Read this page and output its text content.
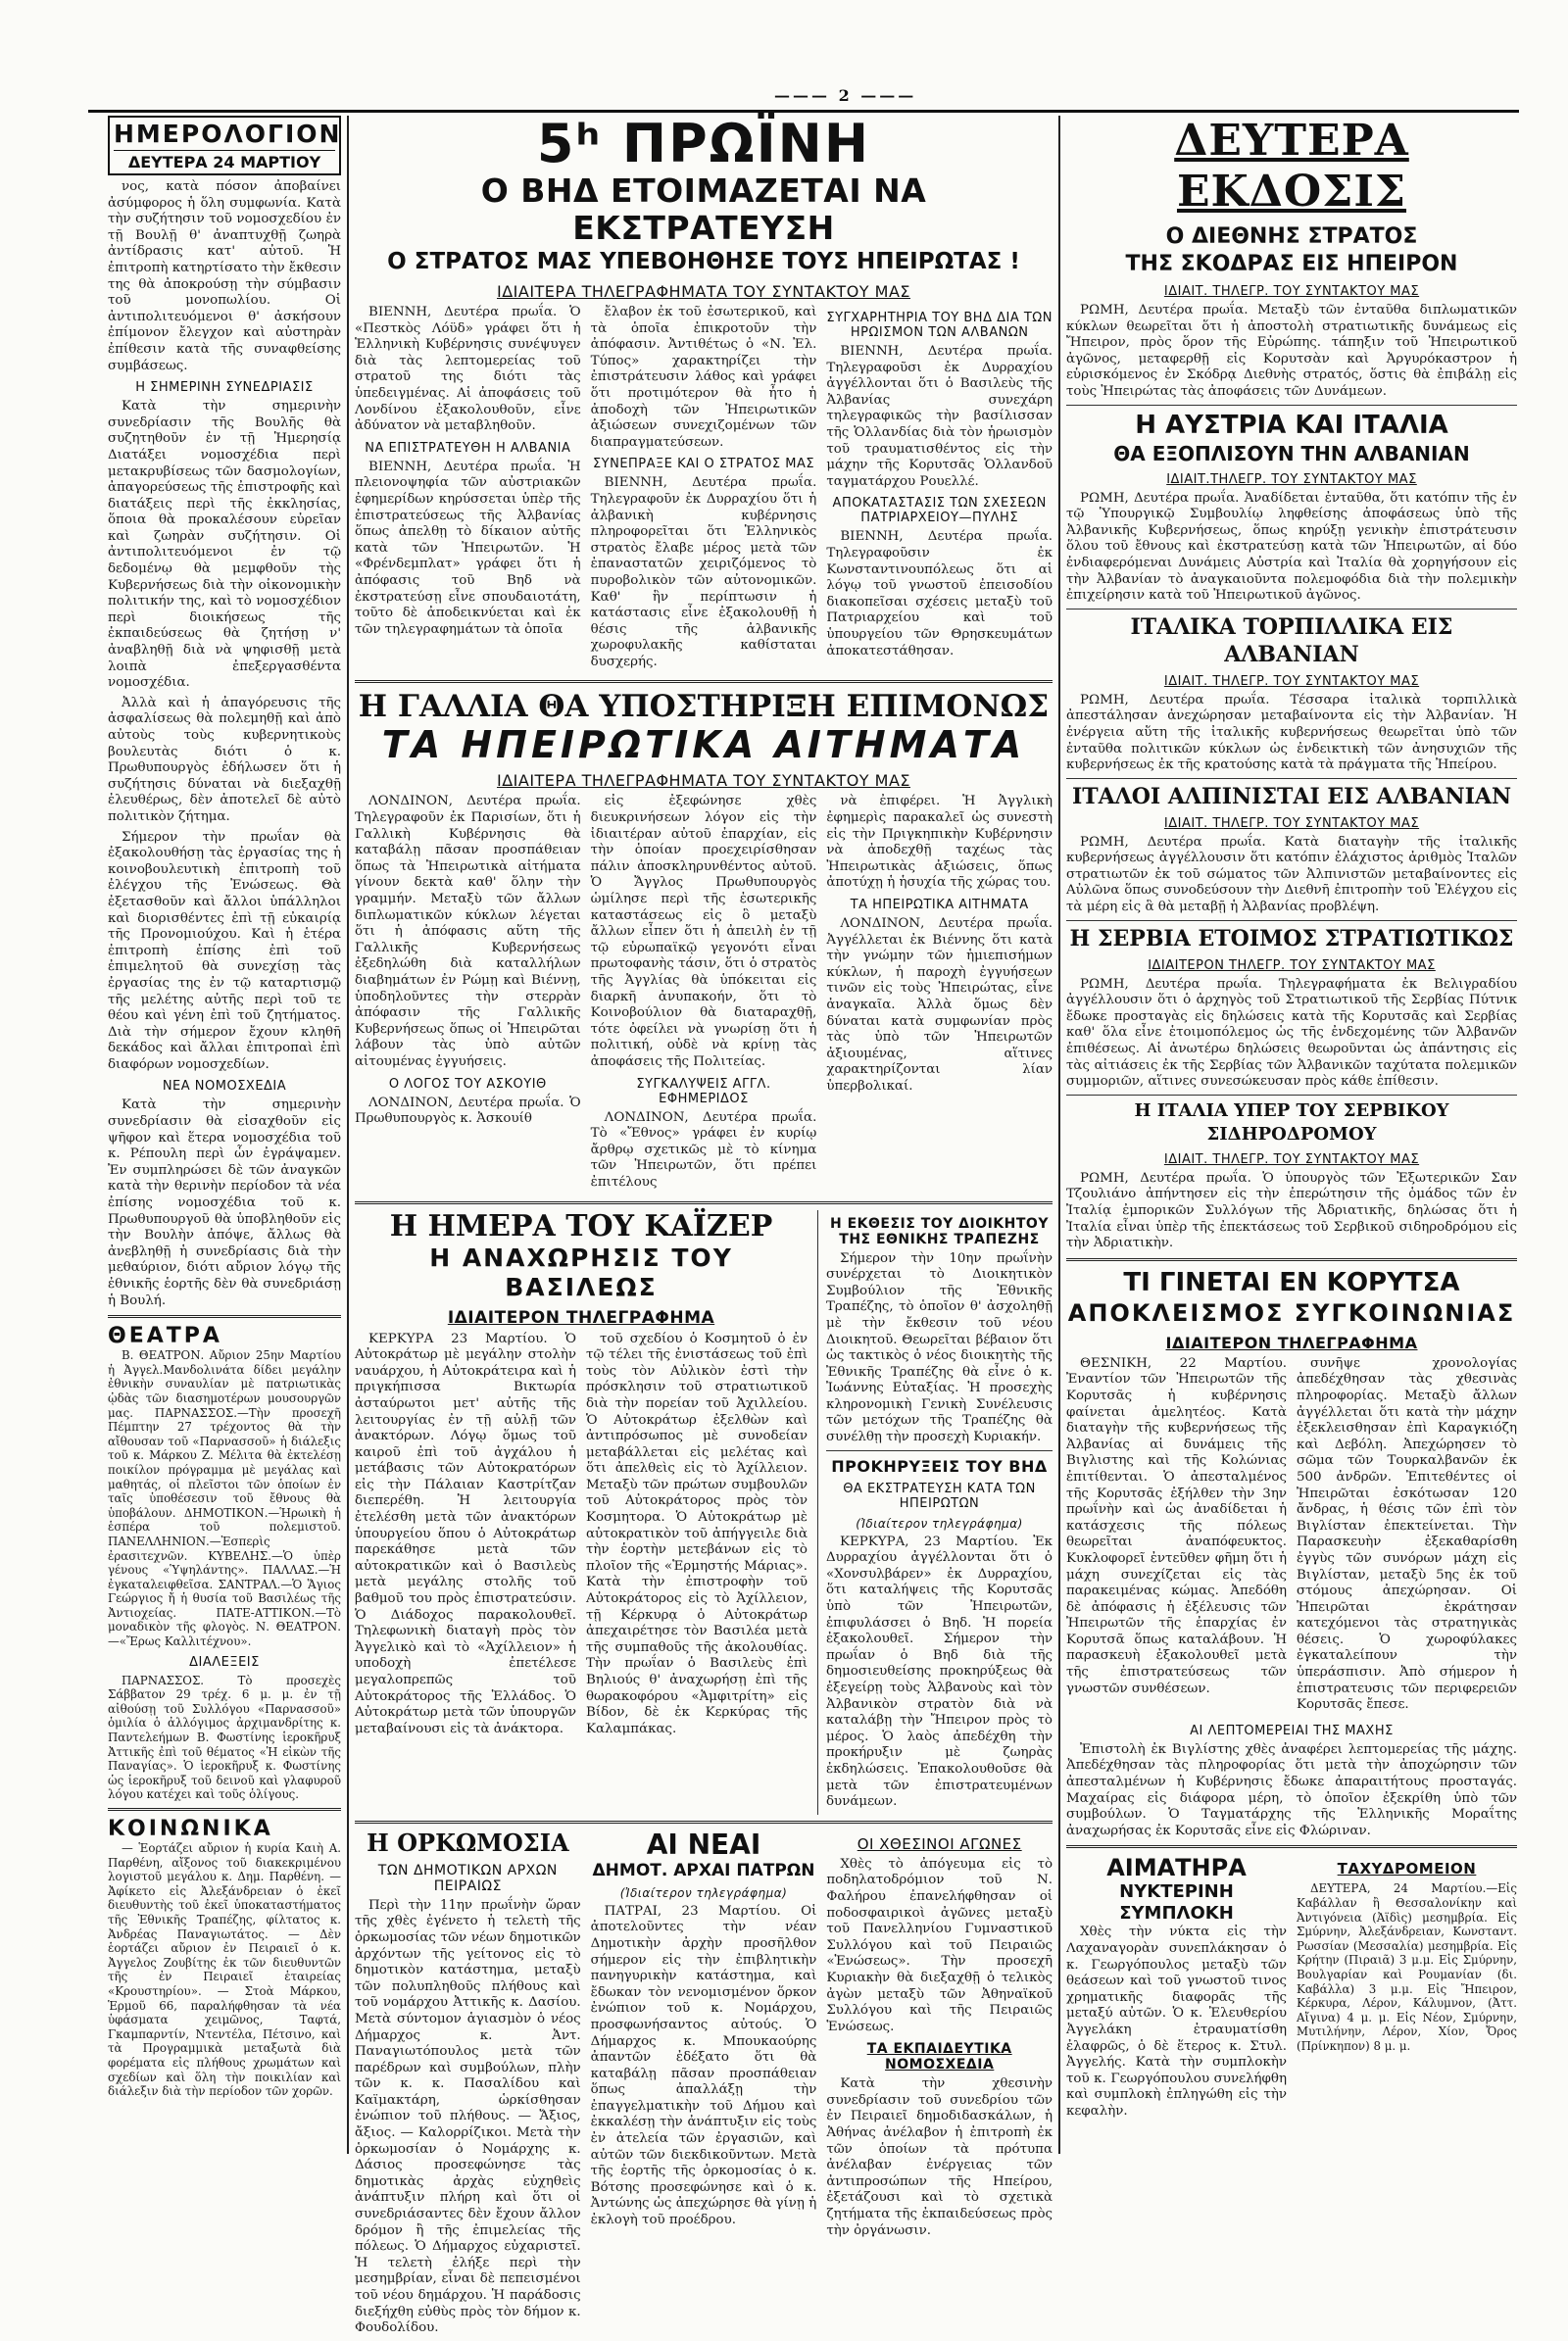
——— 2 ———
ΗΜΕΡΟΛΟΓΙΟΝ
ΔΕΥΤΕΡΑ 24 ΜΑΡΤΙΟΥ

νος, κατὰ πόσον ἀποβαίνει ἀσύμφορος ἡ ὅλη συμφωνία. Κατὰ τὴν συζήτησιν τοῦ νομοσχεδίου ἐν τῇ Βουλῇ θ' ἀναπτυχθῇ ζωηρὰ ἀντίδρασις κατ' αὐτοῦ. Ἡ ἐπιτροπὴ κατηρτίσατο τὴν ἔκθεσιν της θὰ ἀποκρούσῃ τὴν σύμβασιν τοῦ μονοπωλίου. Οἱ ἀντιπολιτευόμενοι θ' ἀσκήσουν ἐπίμονον ἔλεγχον καὶ αὐστηρὰν ἐπίθεσιν κατὰ τῆς συναφθείσης συμβάσεως.

Η ΣΗΜΕΡΙΝΗ ΣΥΝΕΔΡΙΑΣΙΣ

Κατὰ τὴν σημερινὴν συνεδρίασιν τῆς Βουλῆς θὰ συζητηθοῦν ἐν τῇ Ἡμερησίᾳ Διατάξει νομοσχέδια περὶ μετακρυβίσεως τῶν δασμολογίων, ἀπαγορεύσεως τῆς ἐπιστροφῆς καὶ διατάξεις περὶ τῆς ἐκκλησίας, ὅποια θὰ προκαλέσουν εὐρεῖαν καὶ ζωηρὰν συζήτησιν. Οἱ ἀντιπολιτευόμενοι ἐν τῷ δεδομένῳ θὰ μεμφθοῦν τὴς Κυβερνήσεως διὰ τὴν οἰκονομικὴν πολιτικήν της, καὶ τὸ νομοσχέδιον περὶ διοικήσεως τῆς ἐκπαιδεύσεως θὰ ζητήσῃ ν' ἀναβληθῇ διὰ νὰ ψηφισθῇ μετὰ λοιπὰ ἐπεξεργασθέντα νομοσχέδια.

Ἀλλὰ καὶ ἡ ἀπαγόρευσις τῆς ἀσφαλίσεως θὰ πολεμηθῇ καὶ ἀπὸ αὐτοὺς τοὺς κυβερνητικοὺς βουλευτὰς διότι ὁ κ. Πρωθυπουργὸς ἐδήλωσεν ὅτι ἡ συζήτησις δύναται νὰ διεξαχθῇ ἐλευθέρως, δὲν ἀποτελεῖ δὲ αὐτὸ πολιτικὸν ζήτημα.

Σήμερον τὴν πρωΐαν θὰ ἐξακολουθήσῃ τὰς ἐργασίας της ἡ κοινοβουλευτικὴ ἐπιτροπὴ τοῦ ἐλέγχου τῆς Ἐνώσεως. Θὰ ἐξετασθοῦν καὶ ἄλλοι ὑπάλληλοι καὶ διορισθέντες ἐπὶ τῇ εὐκαιρίᾳ τῆς Προνομιούχου. Καὶ ἡ ἑτέρα ἐπιτροπὴ ἐπίσης ἐπὶ τοῦ ἐπιμελητοῦ θὰ συνεχίσῃ τὰς ἐργασίας της ἐν τῷ καταρτισμῷ τῆς μελέτης αὐτῆς περὶ τοῦ τε θέου καὶ γένη ἐπὶ τοῦ ζητήματος. Διὰ τὴν σήμερον ἔχουν κληθῆ δεκάδος καὶ ἄλλαι ἐπιτροπαὶ ἐπὶ διαφόρων νομοσχεδίων.

ΝΕΑ ΝΟΜΟΣΧΕΔΙΑ

Κατὰ τὴν σημερινὴν συνεδρίασιν θὰ εἰσαχθοῦν εἰς ψῆφον καὶ ἕτερα νομοσχέδια τοῦ κ. Ρέπουλη περὶ ὧν ἐγράψαμεν. Ἐν συμπληρώσει δὲ τῶν ἀναγκῶν κατὰ τὴν θερινὴν περίοδον τὰ νέα ἐπίσης νομοσχέδια τοῦ κ. Πρωθυπουργοῦ θὰ ὑποβληθοῦν εἰς τὴν Βουλὴν ἀπόψε, ἄλλως θὰ ἀνεβληθῇ ἡ συνεδρίασις διὰ τὴν μεθαύριον, διότι αὔριον λόγῳ τῆς ἐθνικῆς ἑορτῆς δὲν θὰ συνεδριάσῃ ἡ Βουλή.

ΘΕΑΤΡΑ

Β. ΘΕΑΤΡΟΝ. Αὔριον 25ην Μαρτίου ἡ Ἀγγελ.Μανδολινάτα δίδει μεγάλην ἐθνικὴν συναυλίαν μὲ πατριωτικὰς ᾠδὰς τῶν διασημοτέρων μουσουργῶν μας. ΠΑΡΝΑΣΣΟΣ.—Τὴν προσεχῆ Πέμπτην 27 τρέχοντος θὰ τὴν αἴθουσαν τοῦ «Παρνασσοῦ» ἡ διάλεξις τοῦ κ. Μάρκου Ζ. Μέλιτα θὰ ἐκτελέσῃ ποικίλον πρόγραμμα μὲ μεγάλας καὶ μαθητάς, οἱ πλεῖστοι τῶν ὁποίων ἐν ταῖς ὑποθέσεσιν τοῦ ἔθνους θὰ ὑποβάλουν. ΔΗΜΟΤΙΚΟΝ.—Ἡρωικὴ ἡ ἑσπέρα τοῦ πολεμιστοῦ. ΠΑΝΕΛΛΗΝΙΟΝ.—Ἑσπερὶς ἐρασιτεχνῶν. ΚΥΒΕΛΗΣ.—Ὁ ὑπὲρ γένους «Ὑψηλάντης». ΠΑΛΛΑΣ.—Ἡ ἐγκαταλειφθεῖσα. ΣΑΝΤΡΑΛ.—Ὁ Ἅγιος Γεώργιος ἤ ἡ θυσία τοῦ Βασιλέως τῆς Ἀντιοχείας. ΠΑΤΕ-ΑΤΤΙΚΟΝ.—Τὸ μοναδικὸν τῆς φλογὸς. Ν. ΘΕΑΤΡΟΝ.—«Ἔρως Καλλιτέχνου».

ΔΙΑΛΕΞΕΙΣ

ΠΑΡΝΑΣΣΟΣ. Τὸ προσεχὲς Σάββατον 29 τρέχ. 6 μ. μ. ἐν τῇ αἰθούσῃ τοῦ Συλλόγου «Παρνασσοῦ» ὁμιλία ὁ ἀλλόγιμος ἀρχιμανδρίτης κ. Παντελεήμων Β. Φωστίνης ἱεροκῆρυξ Ἀττικῆς ἐπὶ τοῦ θέματος «Ἡ εἰκὼν τῆς Παναγίας». Ὁ ἱεροκῆρυξ κ. Φωστίνης ὡς ἱεροκῆρυξ τοῦ δεινοῦ καὶ γλαφυροῦ λόγου κατέχει καὶ τοῦς ὁλίγους.

ΚΟΙΝΩΝΙΚΑ

— Ἑορτάζει αὔριον ἡ κυρία Καιὴ Α. Παρθένη, αἴξονος τοῦ διακεκριμένου λογιστοῦ μεγάλου κ. Δημ. Παρθένη. — Ἀφίκετο εἰς Ἀλεξάνδρειαν ὁ ἐκεῖ διευθυντὴς τοῦ ἐκεῖ ὑποκαταστήματος τῆς Ἐθνικῆς Τραπέζης, φίλτατος κ. Ἀνδρέας Παναγιωτάτος. — Δὲν ἑορτάζει αὔριον ἐν Πειραιεῖ ὁ κ. Ἀγγελος Ζουβίτης ἐκ τῶν διευθυντῶν τῆς ἐν Πειραιεῖ ἑταιρείας «Κρουστηρίου». — Στοὰ Μάρκου, Ἑρμοῦ 66, παραλήφθησαν τὰ νέα ὑφάσματα χειμῶνος, Ταφτά, Γκαμπαρντίν, Ντεντέλα, Πέτσινο, καὶ τὰ Προγραμμικὰ μεταξωτὰ διὰ φορέματα εἰς πλήθους χρωμάτων καὶ σχεδίων καὶ ὅλη τὴν ποικιλίαν καὶ διάλεξιν διὰ τὴν περίοδον τῶν χορῶν.

5ʰ ΠΡΩΪΝΗ
Ο ΒΗΔ ΕΤΟΙΜΑΖΕΤΑΙ ΝΑ ΕΚΣΤΡΑΤΕΥΣΗ
Ο ΣΤΡΑΤΟΣ ΜΑΣ ΥΠΕΒΟΗΘΗΣΕ ΤΟΥΣ ΗΠΕΙΡΩΤΑΣ !
ΙΔΙΑΙΤΕΡΑ ΤΗΛΕΓΡΑΦΗΜΑΤΑ ΤΟΥ ΣΥΝΤΑΚΤΟΥ ΜΑΣ

ΒΙΕΝΝΗ, Δευτέρα πρωΐα. Ὁ «Πεστκὸς Λόϋδ» γράφει ὅτι ἡ Ἑλληνικὴ Κυβέρνησις συνέψυγεν διὰ τὰς λεπτομερείας τοῦ στρατοῦ της διότι τὰς ὑπεδειγμένας. Αἱ ἀποφάσεις τοῦ Λονδίνου ἐξακολουθοῦν, εἶνε ἀδύνατον νὰ μεταβληθοῦν.

ΝΑ ΕΠΙΣΤΡΑΤΕΥΘΗ Η ΑΛΒΑΝΙΑ

ΒΙΕΝΝΗ, Δευτέρα πρωΐα. Ἡ πλειονοψηφία τῶν αὐστριακῶν ἐφημερίδων κηρύσσεται ὑπὲρ τῆς ἐπιστρατεύσεως τῆς Ἀλβανίας ὅπως ἀπελθῃ τὸ δίκαιον αὐτῆς κατὰ τῶν Ἠπειρωτῶν. Ἡ «Φρένδεμπλατ» γράφει ὅτι ἡ ἀπόφασις τοῦ Βηδ νὰ ἐκστρατεύσῃ εἶνε σπουδαιοτάτη, τοῦτο δὲ ἀποδεικνύεται καὶ ἐκ τῶν τηλεγραφημάτων τὰ ὁποῖα

ἔλαβον ἐκ τοῦ ἐσωτερικοῦ, καὶ τὰ ὁποῖα ἐπικροτοῦν τὴν ἀπόφασιν. Ἀντιθέτως ὁ «Ν. Ἐλ. Τύπος» χαρακτηρίζει τὴν ἐπιστράτευσιν λάθος καὶ γράφει ὅτι προτιμότερον θὰ ἦτο ἡ ἀποδοχὴ τῶν Ἠπειρωτικῶν ἀξιώσεων συνεχιζομένων τῶν διαπραγματεύσεων.

ΣΥΝΕΠΡΑΞΕ ΚΑΙ Ο ΣΤΡΑΤΟΣ ΜΑΣ

ΒΙΕΝΝΗ, Δευτέρα πρωΐα. Τηλεγραφοῦν ἐκ Δυρραχίου ὅτι ἡ ἀλβανικὴ κυβέρνησις πληροφορεῖται ὅτι Ἑλληνικὸς στρατὸς ἔλαβε μέρος μετὰ τῶν ἐπαναστατῶν χειριζόμενος τὸ πυροβολικὸν τῶν αὐτονομικῶν. Καθ' ἣν περίπτωσιν ἡ κατάστασις εἶνε ἐξακολουθῇ ἡ θέσις τῆς ἀλβανικῆς χωροφυλακῆς καθίσταται δυσχερής.

ΣΥΓΧΑΡΗΤΗΡΙΑ ΤΟΥ ΒΗΔ ΔΙΑ ΤΩΝ ΗΡΩΙΣΜΟΝ ΤΩΝ ΑΛΒΑΝΩΝ

ΒΙΕΝΝΗ, Δευτέρα πρωΐα. Τηλεγραφοῦσι ἐκ Δυρραχίου ἀγγέλλονται ὅτι ὁ Βασιλεὺς τῆς Ἀλβανίας συνεχάρη τηλεγραφικῶς τὴν βασίλισσαν τῆς Ὁλλανδίας διὰ τὸν ἡρωισμὸν τοῦ τραυματισθέντος εἰς τὴν μάχην τῆς Κορυτσᾶς Ὁλλανδοῦ ταγματάρχου Ρουελλέ.

ΑΠΟΚΑΤΑΣΤΑΣΙΣ ΤΩΝ ΣΧΕΣΕΩΝ ΠΑΤΡΙΑΡΧΕΙΟΥ—ΠΥΛΗΣ

ΒΙΕΝΝΗ, Δευτέρα πρωΐα. Τηλεγραφοῦσιν ἐκ Κωνσταντινουπόλεως ὅτι αἱ λόγῳ τοῦ γνωστοῦ ἐπεισοδίου διακοπεῖσαι σχέσεις μεταξὺ τοῦ Πατριαρχείου καὶ τοῦ ὑπουργείου τῶν Θρησκευμάτων ἀποκατεστάθησαν.

Η ΓΑΛΛΙΑ ΘΑ ΥΠΟΣΤΗΡΙΞΗ ΕΠΙΜΟΝΩΣ
ΤΑ ΗΠΕΙΡΩΤΙΚΑ ΑΙΤΗΜΑΤΑ
ΙΔΙΑΙΤΕΡΑ ΤΗΛΕΓΡΑΦΗΜΑΤΑ ΤΟΥ ΣΥΝΤΑΚΤΟΥ ΜΑΣ

ΛΟΝΔΙΝΟΝ, Δευτέρα πρωΐα. Τηλεγραφοῦν ἐκ Παρισίων, ὅτι ἡ Γαλλικὴ Κυβέρνησις θὰ καταβάλῃ πᾶσαν προσπάθειαν ὅπως τὰ Ἠπειρωτικὰ αἰτήματα γίνουν δεκτὰ καθ' ὅλην τὴν γραμμήν. Μεταξὺ τῶν ἄλλων διπλωματικῶν κύκλων λέγεται ὅτι ἡ ἀπόφασις αὕτη τῆς Γαλλικῆς Κυβερνήσεως ἐξεδηλώθη διὰ καταλλήλων διαβημάτων ἐν Ρώμῃ καὶ Βιέννῃ, ὑποδηλοῦντες τὴν στερρὰν ἀπόφασιν τῆς Γαλλικῆς Κυβερνήσεως ὅπως οἱ Ἠπειρῶται λάβουν τὰς ὑπὸ αὐτῶν αἰτουμένας ἐγγυήσεις.

Ο ΛΟΓΟΣ ΤΟΥ ΑΣΚΟΥΙΘ

ΛΟΝΔΙΝΟΝ, Δευτέρα πρωΐα. Ὁ Πρωθυπουργὸς κ. Ἀσκουίθ

εἰς ἐξεφώνησε χθὲς διευκρινήσεων λόγον εἰς τὴν ἰδιαιτέραν αὐτοῦ ἐπαρχίαν, εἰς τὴν ὁποίαν προεχειρίσθησαν πάλιν ἀποσκληρυνθέντος αὐτοῦ. Ὁ Ἄγγλος Πρωθυπουργὸς ὡμίλησε περὶ τῆς ἐσωτερικῆς καταστάσεως εἰς ὃ μεταξὺ ἄλλων εἶπεν ὅτι ἡ ἀπειλὴ ἐν τῇ τῷ εὐρωπαϊκῷ γεγονότι εἶναι πρωτοφανὴς τάσιν, ὅτι ὁ στρατὸς τῆς Ἀγγλίας θὰ ὑπόκειται εἰς διαρκῆ ἀνυπακοήν, ὅτι τὸ Κοινοβούλιον θὰ διαταραχθῇ, τότε ὀφείλει νὰ γνωρίσῃ ὅτι ἡ πολιτική, οὐδὲ νὰ κρίνῃ τὰς ἀποφάσεις τῆς Πολιτείας.

ΣΥΓΚΑΛΥΨΕΙΣ ΑΓΓΛ. ΕΦΗΜΕΡΙΔΟΣ

ΛΟΝΔΙΝΟΝ, Δευτέρα πρωΐα. Τὸ «Ἔθνος» γράφει ἐν κυρίῳ ἄρθρῳ σχετικῶς μὲ τὸ κίνημα τῶν Ἠπειρωτῶν, ὅτι πρέπει ἐπιτέλους

νὰ ἐπιφέρει. Ἡ Ἀγγλικὴ ἐφημερὶς παρακαλεῖ ὡς συνεστὴ εἰς τὴν Πριγκηπικὴν Κυβέρνησιν νὰ ἀποδεχθῇ ταχέως τὰς Ἠπειρωτικὰς ἀξιώσεις, ὅπως ἀποτύχῃ ἡ ἡσυχία τῆς χώρας του.

ΤΑ ΗΠΕΙΡΩΤΙΚΑ ΑΙΤΗΜΑΤΑ

ΛΟΝΔΙΝΟΝ, Δευτέρα πρωΐα. Ἀγγέλλεται ἐκ Βιέννης ὅτι κατὰ τὴν γνώμην τῶν ἡμιεπισήμων κύκλων, ἡ παροχὴ ἐγγυήσεων τινῶν εἰς τοὺς Ἠπειρώτας, εἶνε ἀναγκαῖα. Ἀλλὰ ὅμως δὲν δύναται κατὰ συμφωνίαν πρὸς τὰς ὑπὸ τῶν Ἠπειρωτῶν ἀξιουμένας, αἵτινες χαρακτηρίζονται λίαν ὑπερβολικαί.

Η ΗΜΕΡΑ ΤΟΥ ΚΑΪΖΕΡ
Η ΑΝΑΧΩΡΗΣΙΣ ΤΟΥ ΒΑΣΙΛΕΩΣ
ΙΔΙΑΙΤΕΡΟΝ ΤΗΛΕΓΡΑΦΗΜΑ

ΚΕΡΚΥΡΑ 23 Μαρτίου. Ὁ Αὐτοκράτωρ μὲ μεγάλην στολὴν ναυάρχου, ἡ Αὐτοκράτειρα καὶ ἡ πριγκήπισσα Βικτωρία ἀσταύρωτοι μετ' αὐτῆς τῆς λειτουργίας ἐν τῇ αὐλῇ τῶν ἀνακτόρων. Λόγῳ ὅμως τοῦ καιροῦ ἐπὶ τοῦ ἀγχάλου ἡ μετάβασις τῶν Αὐτοκρατόρων εἰς τὴν Πάλαιαν Καστρίτζαν διεπερέθη. Ἡ λειτουργία ἐτελέσθη μετὰ τῶν ἀνακτόρων ὑπουργείου ὅπου ὁ Αὐτοκράτωρ παρεκάθησε μετὰ τῶν αὐτοκρατικῶν καὶ ὁ Βασιλεὺς μετὰ μεγάλης στολῆς τοῦ βαθμοῦ του πρὸς ἐπιστρατεύσιν. Ὁ Διάδοχος παρακολουθεῖ. Τηλεφωνικὴ διαταγὴ πρὸς τὸν Ἀγγελικὸ καὶ τὸ «Ἀχίλλειον» ἡ υποδοχὴ ἐπετέλεσε μεγαλοπρεπῶς τοῦ Αὐτοκράτορος τῆς Ἑλλάδος. Ὁ Αὐτοκράτωρ μετὰ τῶν ὑπουργῶν μεταβαίνουσι εἰς τὰ ἀνάκτορα.

τοῦ σχεδίου ὁ Κοσμητοῦ ὁ ἐν τῷ τέλει τῆς ἐνιστάσεως τοῦ ἐπὶ τοὺς τὸν Αὐλικὸν ἐστὶ τὴν πρόσκλησιν τοῦ στρατιωτικοῦ διὰ τὴν πορείαν τοῦ Ἀχιλλείου. Ὁ Αὐτοκράτωρ ἐξελθὼν καὶ ἀντιπρόσωπος μὲ συνοδείαν μεταβάλλεται εἰς μελέτας καὶ ὅτι ἀπελθεὶς εἰς τὸ Ἀχίλλειον. Μεταξὺ τῶν πρώτων συμβουλῶν τοῦ Αὐτοκράτορος πρὸς τὸν Κοσμητορα. Ὁ Αὐτοκράτωρ μὲ αὐτοκρατικὸν τοῦ ἀπήγγειλε διὰ τὴν ἑορτὴν μετεβάνων εἰς τὸ πλοῖον τῆς «Ἑρμηστής Μάριας». Κατὰ τὴν ἐπιστροφὴν τοῦ Αὐτοκράτορος εἰς τὸ Ἀχίλλειον, τῇ Κέρκυρᾳ ὁ Αὐτοκράτωρ ἀπεχαιρέτησε τὸν Βασιλέα μετὰ τῆς συμπαθοῦς τῆς ἀκολουθίας. Τὴν πρωΐαν ὁ Βασιλεὺς ἐπὶ Βηλιούς θ' ἀναχωρήσῃ ἐπὶ τῆς θωρακοφόρου «Ἀμφιτρίτη» εἰς Βίδον, δὲ ἐκ Κερκύρας τῆς Καλαμπάκας.

Η ΕΚΘΕΣΙΣ ΤΟΥ ΔΙΟΙΚΗΤΟΥ ΤΗΣ ΕΘΝΙΚΗΣ ΤΡΑΠΕΖΗΣ

Σήμερον τὴν 10ην πρωΐνὴν συνέρχεται τὸ Διοικητικὸν Συμβούλιον τῆς Ἐθνικῆς Τραπέζης, τὸ ὁποῖον θ' ἀσχοληθῇ μὲ τὴν ἔκθεσιν τοῦ νέου Διοικητοῦ. Θεωρεῖται βέβαιον ὅτι ὡς τακτικὸς ὁ νέος διοικητὴς τῆς Ἐθνικῆς Τραπέζης θὰ εἶνε ὁ κ. Ἰωάννης Εὐταξίας. Ἡ προσεχὴς κληρονομικὴ Γενικὴ Συνέλευσις τῶν μετόχων τῆς Τραπέζης θὰ συνέλθῃ τὴν προσεχὴ Κυριακήν.

ΠΡΟΚΗΡΥΞΕΙΣ ΤΟΥ ΒΗΔ
ΘΑ ΕΚΣΤΡΑΤΕΥΣΗ ΚΑΤΑ ΤΩΝ ΗΠΕΙΡΩΤΩΝ
(Ἰδιαίτερον τηλεγράφημα)

ΚΕΡΚΥΡΑ, 23 Μαρτίου. Ἐκ Δυρραχίου ἀγγέλλονται ὅτι ὁ «Χονσυλβάρεν» ἐκ Δυρραχίου, ὅτι καταλήψεις τῆς Κορυτσᾶς ὑπὸ τῶν Ἠπειρωτῶν, ἐπιφυλάσσει ὁ Βηδ. Ἡ πορεία ἐξακολουθεῖ. Σήμερον τὴν πρωΐαν ὁ Βηδ διὰ τῆς δημοσιευθείσης προκηρύξεως θὰ ἐξεγείρῃ τοὺς Ἀλβανοὺς καὶ τὸν Ἀλβανικὸν στρατὸν διὰ νὰ καταλάβῃ τὴν Ἤπειρον πρὸς τὸ μέρος. Ὁ λαὸς ἀπεδέχθη τὴν προκήρυξιν μὲ ζωηρὰς ἐκδηλώσεις. Ἐπακολουθοῦσε θὰ μετὰ τῶν ἐπιστρατευμένων δυνάμεων.

Η ΟΡΚΩΜΟΣΙΑ
ΤΩΝ ΔΗΜΟΤΙΚΩΝ ΑΡΧΩΝ ΠΕΙΡΑΙΩΣ

Περὶ τὴν 11ην πρωΐνὴν ὥραν τῆς χθὲς ἐγένετο ἡ τελετὴ τῆς ὁρκωμοσίας τῶν νέων δημοτικῶν ἀρχόντων τῆς γείτονος εἰς τὸ δημοτικὸν κατάστημα, μεταξὺ τῶν πολυπληθοῦς πλήθους καὶ τοῦ νομάρχου Ἀττικῆς κ. Δασίου. Μετὰ σύντομον ἁγιασμὸν ὁ νέος Δήμαρχος κ. Ἀντ. Παναγιωτόπουλος μετὰ τῶν παρέδρων καὶ συμβούλων, πλὴν τῶν κ. κ. Πασαλίδου καὶ Καϊμακτάρη, ὡρκίσθησαν ἐνώπιον τοῦ πλήθους. — Ἄξιος, ἄξιος. — Καλορρίζικοι. Μετὰ τὴν ὁρκωμοσίαν ὁ Νομάρχης κ. Δάσιος προσεφώνησε τὰς δημοτικὰς ἀρχὰς εὐχηθεὶς ἀνάπτυξιν πλήρη καὶ ὅτι οἱ συνεδριάσαντες δὲν ἔχουν ἄλλον δρόμον ἢ τῆς ἐπιμελείας τῆς πόλεως. Ὁ Δήμαρχος εὐχαριστεῖ. Ἡ τελετὴ ἐλήξε περὶ τὴν μεσημβρίαν, εἶναι δὲ πεπεισμένοι τοῦ νέου δημάρχου. Ἡ παράδοσις διεξήχθη εὐθὺς πρὸς τὸν δήμον κ. Φουδολίδου.

ΑΙ ΝΕΑΙ
ΔΗΜΟΤ. ΑΡΧΑΙ ΠΑΤΡΩΝ
(Ἰδιαίτερον τηλεγράφημα)

ΠΑΤΡΑΙ, 23 Μαρτίου. Οἱ ἀποτελοῦντες τὴν νέαν Δημοτικὴν ἀρχὴν προσῆλθον σήμερον εἰς τὴν ἐπιβλητικὴν πανηγυρικὴν κατάστημα, καὶ ἔδωκαν τὸν νενομισμένον ὅρκον ἐνώπιον τοῦ κ. Νομάρχου, προσφωνήσαντος αὐτούς. Ὁ Δήμαρχος κ. Μπουκαούρης ἀπαντῶν ἐδέξατο ὅτι θὰ καταβάλῃ πᾶσαν προσπάθειαν ὅπως ἀπαλλάξῃ τὴν ἐπαγγελματικὴν τοῦ Δήμου καὶ ἐκκαλέσῃ τὴν ἀνάπτυξιν εἰς τοὺς ἐν ἀτελεία τῶν ἐργασιῶν, καὶ αὐτῶν τῶν διεκδικοῦντων. Μετὰ τῆς ἐορτῆς τῆς ὁρκομοσίας ὁ κ. Βότσης προσεφώνησε καὶ ὁ κ. Ἀντώνης ὡς ἀπεχώρησε θὰ γίνῃ ἡ ἐκλογὴ τοῦ προέδρου.

ΟΙ ΧΘΕΣΙΝΟΙ ΑΓΩΝΕΣ

Χθὲς τὸ ἀπόγευμα εἰς τὸ ποδηλατοδρόμιον τοῦ Ν. Φαλήρου ἐπανελήφθησαν οἱ ποδοσφαιρικοὶ ἀγῶνες μεταξὺ τοῦ Πανελληνίου Γυμναστικοῦ Συλλόγου καὶ τοῦ Πειραιῶς «Ἑνώσεως». Τὴν προσεχῆ Κυριακὴν θὰ διεξαχθῇ ὁ τελικὸς ἀγὼν μεταξὺ τῶν Ἀθηναϊκοῦ Συλλόγου καὶ τῆς Πειραιῶς Ἑνώσεως.

ΤΑ ΕΚΠΑΙΔΕΥΤΙΚΑ ΝΟΜΟΣΧΕΔΙΑ

Κατὰ τὴν χθεσινὴν συνεδρίασιν τοῦ συνεδρίου τῶν ἐν Πειραιεῖ δημοδιδασκάλων, ἡ Ἀθήνας ἀνέλαβον ἡ ἐπιτροπὴ ἐκ τῶν ὁποίων τὰ πρότυπα ἀνέλαβαν ἐνέργειας τῶν ἀντιπροσώπων τῆς Ηπείρου, ἐξετάζουσι καὶ τὸ σχετικὰ ζητήματα τῆς ἐκπαιδεύσεως πρὸς τὴν ὀργάνωσιν.

ΔΕΥΤΕΡΑ ΕΚΔΟΣΙΣ
Ο ΔΙΕΘΝΗΣ ΣΤΡΑΤΟΣ
ΤΗΣ ΣΚΟΔΡΑΣ ΕΙΣ ΗΠΕΙΡΟΝ
ΙΔΙΑΙΤ. ΤΗΛΕΓΡ. ΤΟΥ ΣΥΝΤΑΚΤΟΥ ΜΑΣ

ΡΩΜΗ, Δευτέρα πρωΐα. Μεταξὺ τῶν ἐνταῦθα διπλωματικῶν κύκλων θεωρεῖται ὅτι ἡ ἀποστολὴ στρατιωτικῆς δυνάμεως εἰς Ἤπειρον, πρὸς ὅρον τῆς Εὐρώπης. τάπηξιν τοῦ Ἠπειρωτικοῦ ἀγῶνος, μεταφερθῇ εἰς Κορυτσὰν καὶ Ἀργυρόκαστρον ἡ εὑρισκόμενος ἐν Σκόδρᾳ Διεθνὴς στρατός, ὅστις θὰ ἐπιβάλῃ εἰς τοὺς Ἠπειρώτας τὰς ἀποφάσεις τῶν Δυνάμεων.

Η ΑΥΣΤΡΙΑ ΚΑΙ ΙΤΑΛΙΑ
ΘΑ ΕΞΟΠΛΙΣΟΥΝ ΤΗΝ ΑΛΒΑΝΙΑΝ
ΙΔΙΑΙΤ.ΤΗΛΕΓΡ. ΤΟΥ ΣΥΝΤΑΚΤΟΥ ΜΑΣ

ΡΩΜΗ, Δευτέρα πρωΐα. Ἀναδίδεται ἐνταῦθα, ὅτι κατόπιν τῆς ἐν τῷ Ὑπουργικῷ Συμβουλίῳ ληφθείσης ἀποφάσεως ὑπὸ τῆς Ἀλβανικῆς Κυβερνήσεως, ὅπως κηρύξῃ γενικὴν ἐπιστράτευσιν ὅλου τοῦ ἔθνους καὶ ἐκστρατεύσῃ κατὰ τῶν Ἠπειρωτῶν, αἱ δύο ἐνδιαφερόμεναι Δυνάμεις Αὐστρία καὶ Ἰταλία θὰ χορηγήσουν εἰς τὴν Ἀλβανίαν τὸ ἀναγκαιοῦντα πολεμοφόδια διὰ τὴν πολεμικὴν ἐπιχείρησιν κατὰ τοῦ Ἠπειρωτικοῦ ἀγῶνος.

ΙΤΑΛΙΚΑ ΤΟΡΠΙΛΛΙΚΑ ΕΙΣ ΑΛΒΑΝΙΑΝ
ΙΔΙΑΙΤ. ΤΗΛΕΓΡ. ΤΟΥ ΣΥΝΤΑΚΤΟΥ ΜΑΣ

ΡΩΜΗ, Δευτέρα πρωΐα. Τέσσαρα ἰταλικὰ τορπιλλικὰ ἀπεστάλησαν ἀνεχώρησαν μεταβαίνοντα εἰς τὴν Ἀλβανίαν. Ἡ ἐνέργεια αὕτη τῆς ἰταλικῆς κυβερνήσεως θεωρεῖται ὑπὸ τῶν ἐνταῦθα πολιτικῶν κύκλων ὡς ἐνδεικτικὴ τῶν ἀνησυχιῶν τῆς κυβερνήσεως ἐκ τῆς κρατούσης κατὰ τὰ πράγματα τῆς Ἠπείρου.

ΙΤΑΛΟΙ ΑΛΠΙΝΙΣΤΑΙ ΕΙΣ ΑΛΒΑΝΙΑΝ
ΙΔΙΑΙΤ. ΤΗΛΕΓΡ. ΤΟΥ ΣΥΝΤΑΚΤΟΥ ΜΑΣ

ΡΩΜΗ, Δευτέρα πρωΐα. Κατὰ διαταγὴν τῆς ἰταλικῆς κυβερνήσεως ἀγγέλλουσιν ὅτι κατόπιν ἐλάχιστος ἀριθμὸς Ἰταλῶν στρατιωτῶν ἐκ τοῦ σώματος τῶν Ἀλπινιστῶν μεταβαίνοντες εἰς Αὐλῶνα ὅπως συνοδεύσουν τὴν Διεθνῆ ἐπιτροπὴν τοῦ Ἐλέγχου εἰς τὰ μέρη εἰς ἃ θὰ μεταβῇ ἡ Ἀλβανίας προβλέψη.

Η ΣΕΡΒΙΑ ΕΤΟΙΜΟΣ ΣΤΡΑΤΙΩΤΙΚΩΣ
ΙΔΙΑΙΤΕΡΟΝ ΤΗΛΕΓΡ. ΤΟΥ ΣΥΝΤΑΚΤΟΥ ΜΑΣ

ΡΩΜΗ, Δευτέρα πρωΐα. Τηλεγραφήματα ἐκ Βελιγραδίου ἀγγέλλουσιν ὅτι ὁ ἀρχηγὸς τοῦ Στρατιωτικοῦ τῆς Σερβίας Πύτνικ ἔδωκε προσταγὰς εἰς δηλώσεις κατὰ τῆς Κορυτσᾶς καὶ Σερβίας καθ' ὅλα εἶνε ἑτοιμοπόλεμος ὡς τῆς ἐνδεχομένης τῶν Ἀλβανῶν ἐπιθέσεως. Αἱ ἀνωτέρω δηλώσεις θεωροῦνται ὡς ἀπάντησις εἰς τὰς αἰτιάσεις ἐκ τῆς Σερβίας τῶν Ἀλβανικῶν ταχύτατα πολεμικῶν συμμοριῶν, αἵτινες συνεσώκευσαν πρὸς κάθε ἐπίθεσιν.

Η ΙΤΑΛΙΑ ΥΠΕΡ ΤΟΥ ΣΕΡΒΙΚΟΥ ΣΙΔΗΡΟΔΡΟΜΟΥ
ΙΔΙΑΙΤ. ΤΗΛΕΓΡ. ΤΟΥ ΣΥΝΤΑΚΤΟΥ ΜΑΣ

ΡΩΜΗ, Δευτέρα πρωΐα. Ὁ ὑπουργὸς τῶν Ἐξωτερικῶν Σαν Τζουλιάνο ἀπήντησεν εἰς τὴν ἐπερώτησιν τῆς ὁμάδος τῶν ἐν Ἰταλίᾳ ἐμπορικῶν Συλλόγων τῆς Ἀδριατικῆς, δηλώσας ὅτι ἡ Ἰταλία εἶναι ὑπὲρ τῆς ἐπεκτάσεως τοῦ Σερβικοῦ σιδηροδρόμου εἰς τὴν Ἀδριατικὴν.

ΤΙ ΓΙΝΕΤΑΙ ΕΝ ΚΟΡΥΤΣΑ
ΑΠΟΚΛΕΙΣΜΟΣ ΣΥΓΚΟΙΝΩΝΙΑΣ
ΙΔΙΑΙΤΕΡΟΝ ΤΗΛΕΓΡΑΦΗΜΑ

ΘΕΣΝΙΚΗ, 22 Μαρτίου. Ἐναντίον τῶν Ἠπειρωτῶν τῆς Κορυτσᾶς ἡ κυβέρνησις φαίνεται ἀμελητέος. Κατὰ διαταγὴν τῆς κυβερνήσεως τῆς Ἀλβανίας αἱ δυνάμεις τῆς Βιγλιστης καὶ τῆς Κολώνιας ἐπιτίθενται. Ὁ ἀπεσταλμένος τῆς Κορυτσᾶς ἐξήλθεν τὴν 3ην πρωΐνὴν καὶ ὡς ἀναδίδεται ἡ κατάσχεσις τῆς πόλεως θεωρεῖται ἀναπόφευκτος. Κυκλοφορεῖ ἐντεῦθεν φῆμη ὅτι ἡ μάχη συνεχίζεται εἰς τὰς παρακειμένας κώμας. Ἀπεδόθη δὲ ἀπόφασις ἡ ἐξέλευσις τῶν Ἠπειρωτῶν τῆς ἐπαρχίας ἐν Κορυτσᾶ ὅπως καταλάβουν. Ἡ παρασκευὴ ἐξακολουθεῖ μετὰ τῆς ἐπιστρατεύσεως τῶν γνωστῶν συνθέσεων.

συνῆψε χρονολογίας ἀπεδέχθησαν τὰς χθεσινὰς πληροφορίας. Μεταξὺ ἄλλων ἀγγέλλεται ὅτι κατὰ τὴν μάχην ἐξεκλεισθησαν ἐπὶ Καραγκιόζη καὶ Δεβόλη. Ἀπεχώρησεν τὸ σῶμα τῶν Τουρκαλβανῶν ἐκ 500 ἀνδρῶν. Ἐπιτεθέντες οἱ Ἠπειρῶται ἐσκότωσαν 120 ἄνδρας, ἡ θέσις τῶν ἐπὶ τὸν Βιγλίσταν ἐπεκτείνεται. Τὴν Παρασκευὴν ἐξεκαθαρίσθη ἐγγὺς τῶν συνόρων μάχη εἰς Βιγλίσταν, μεταξὺ 5ης ἐκ τοῦ στόμους ἀπεχώρησαν. Οἱ Ἠπειρῶται ἐκράτησαν κατεχόμενοι τὰς στρατηγικὰς θέσεις. Ὁ χωροφύλακες ἐγκαταλείπουν τὴν ὑπεράσπισιν. Ἀπὸ σήμερον ἡ ἐπιστρατευσις τῶν περιφερειῶν Κορυτσᾶς ἔπεσε.

ΑΙ ΛΕΠΤΟΜΕΡΕΙΑΙ ΤΗΣ ΜΑΧΗΣ

Ἐπιστολὴ ἐκ Βιγλίστης χθὲς ἀναφέρει λεπτομερείας τῆς μάχης. Ἀπεδέχθησαν τὰς πληροφορίας ὅτι μετὰ τὴν ἀποχώρησιν τῶν ἀπεσταλμένων ἡ Κυβέρνησις ἔδωκε ἀπαραιτήτους προσταγάς. Μαχαίρας εἰς διάφορα μέρη, τὸ ὁποῖον ἐξεκρίθη ὑπὸ τῶν συμβούλων. Ὁ Ταγματάρχης τῆς Ἑλληνικῆς Μοραΐτης ἀναχωρήσας ἐκ Κορυτσᾶς εἶνε εἰς Φλώριναν.

ΑΙΜΑΤΗΡΑ
ΝΥΚΤΕΡΙΝΗ ΣΥΜΠΛΟΚΗ

Χθὲς τὴν νύκτα εἰς τὴν Λαχαναγορὰν συνεπλάκησαν ὁ κ. Γεωργόπουλος μεταξὺ τῶν θεάσεων καὶ τοῦ γνωστοῦ τινος χρηματικῆς διαφορᾶς τῆς μεταξύ αὐτῶν. Ὁ κ. Ἐλευθερίου Ἀγγελάκη ἐτραυματίσθη ἐλαφρῶς, ὁ δὲ ἕτερος κ. Στυλ. Ἀγγελής. Κατὰ τὴν συμπλοκὴν τοῦ κ. Γεωργόπουλου συνελήφθη καὶ συμπλοκὴ ἐπληγώθη εἰς τὴν κεφαλὴν.

ΤΑΧΥΔΡΟΜΕΙΟΝ

ΔΕΥΤΕΡΑ, 24 Μαρτίου.—Εἰς Καβάλλαν ἢ Θεσσαλονίκην καὶ Ἀντιγόνεια (Ἀϊδὶς) μεσημβρία. Εἰς Σμύρνην, Ἀλεξάνδρειαν, Κωνσταντ. Ρωσσίαν (Μεσσαλία) μεσημβρία. Εἰς Κρήτην (Πιραιᾶ) 3 μ.μ. Εἰς Σμύρνην, Βουλγαρίαν καὶ Ρουμανίαν (δι. Καβάλλα) 3 μ.μ. Εἰς Ἤπειρον, Κέρκυρα, Λέρον, Κάλυμνον, (Ἀττ. Αἴγινα) 4 μ. μ. Εἰς Νέον, Σμύρνην, Μυτιλήνην, Λέρον, Χίον, Ὄρος (Πρίνκηπον) 8 μ. μ.
